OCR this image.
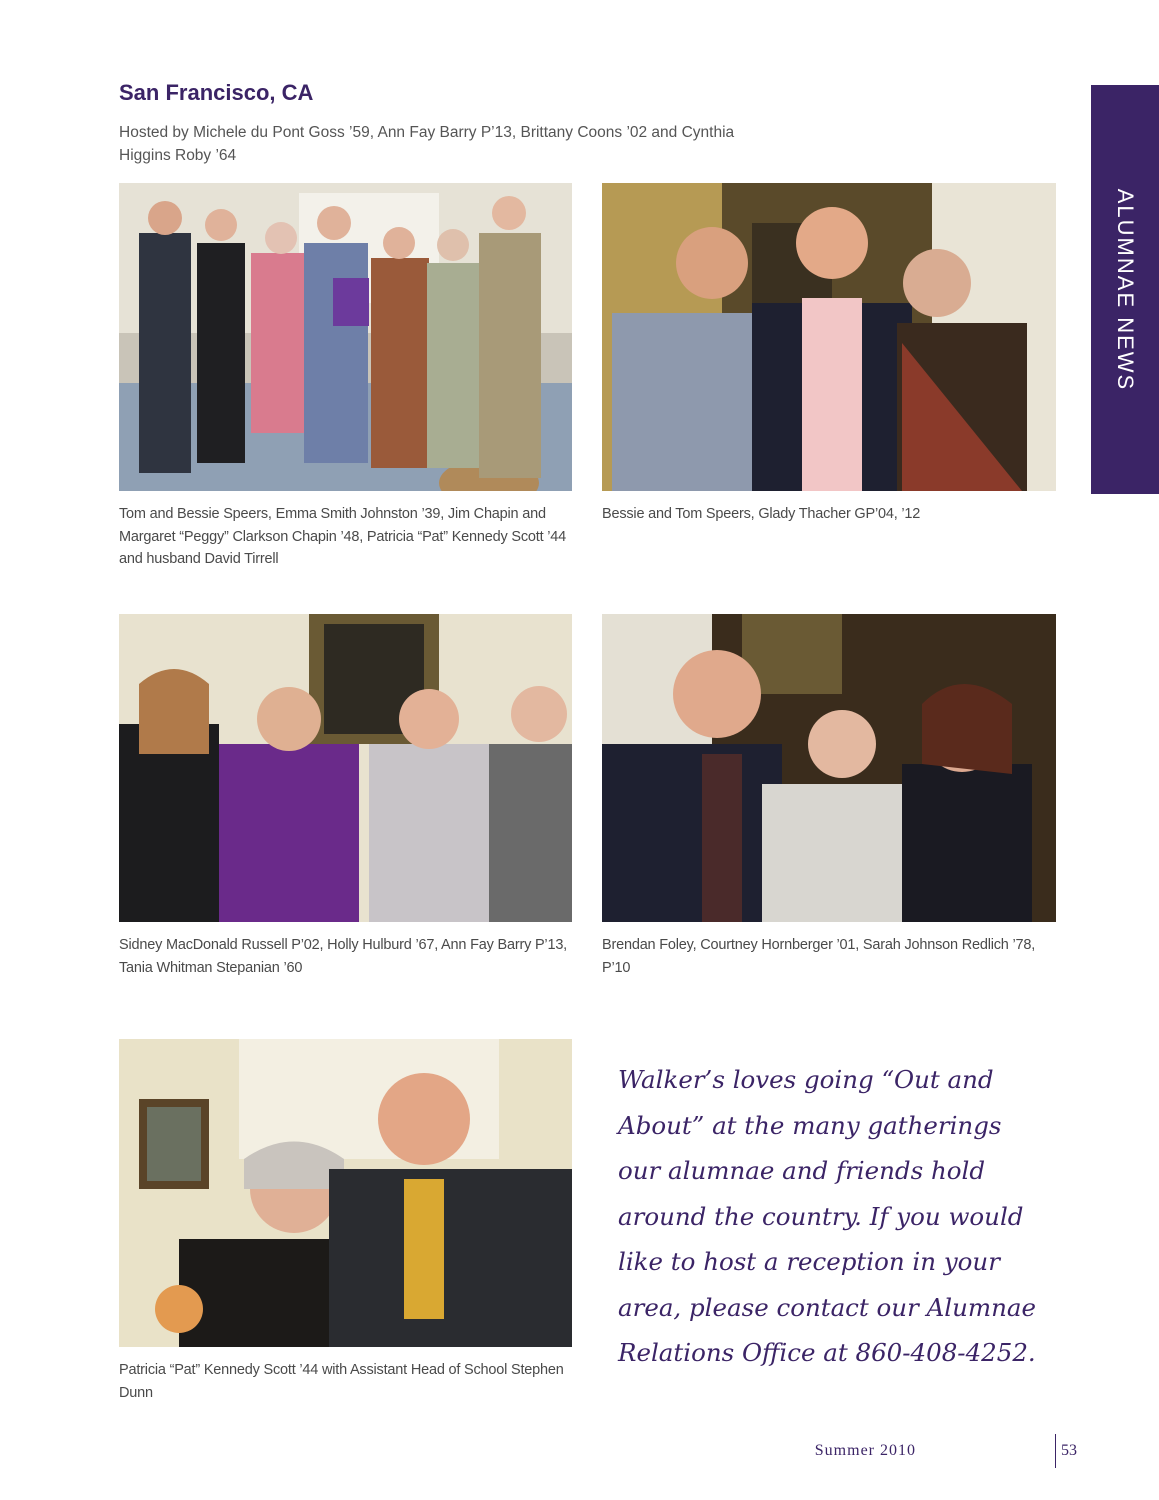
San Francisco, CA
Hosted by Michele du Pont Goss ’59, Ann Fay Barry P’13, Brittany Coons ’02 and Cynthia Higgins Roby ’64
ALUMNAE NEWS
Tom and Bessie Speers, Emma Smith Johnston ’39, Jim Chapin and Margaret “Peggy” Clarkson Chapin ’48, Patricia “Pat” Kennedy Scott ’44 and husband David Tirrell
Bessie and Tom Speers, Glady Thacher GP’04, ’12
Sidney MacDonald Russell P’02, Holly Hulburd ’67, Ann Fay Barry P’13, Tania Whitman Stepanian ’60
Brendan Foley, Courtney Hornberger ’01, Sarah Johnson Redlich ’78, P’10
Patricia “Pat” Kennedy Scott ’44 with Assistant Head of School Stephen Dunn
Walker’s loves going “Out and About” at the many gatherings our alumnae and friends hold around the country. If you would like to host a reception in your area, please contact our Alumnae Relations Office at 860-408-4252.
Summer 2010	53
